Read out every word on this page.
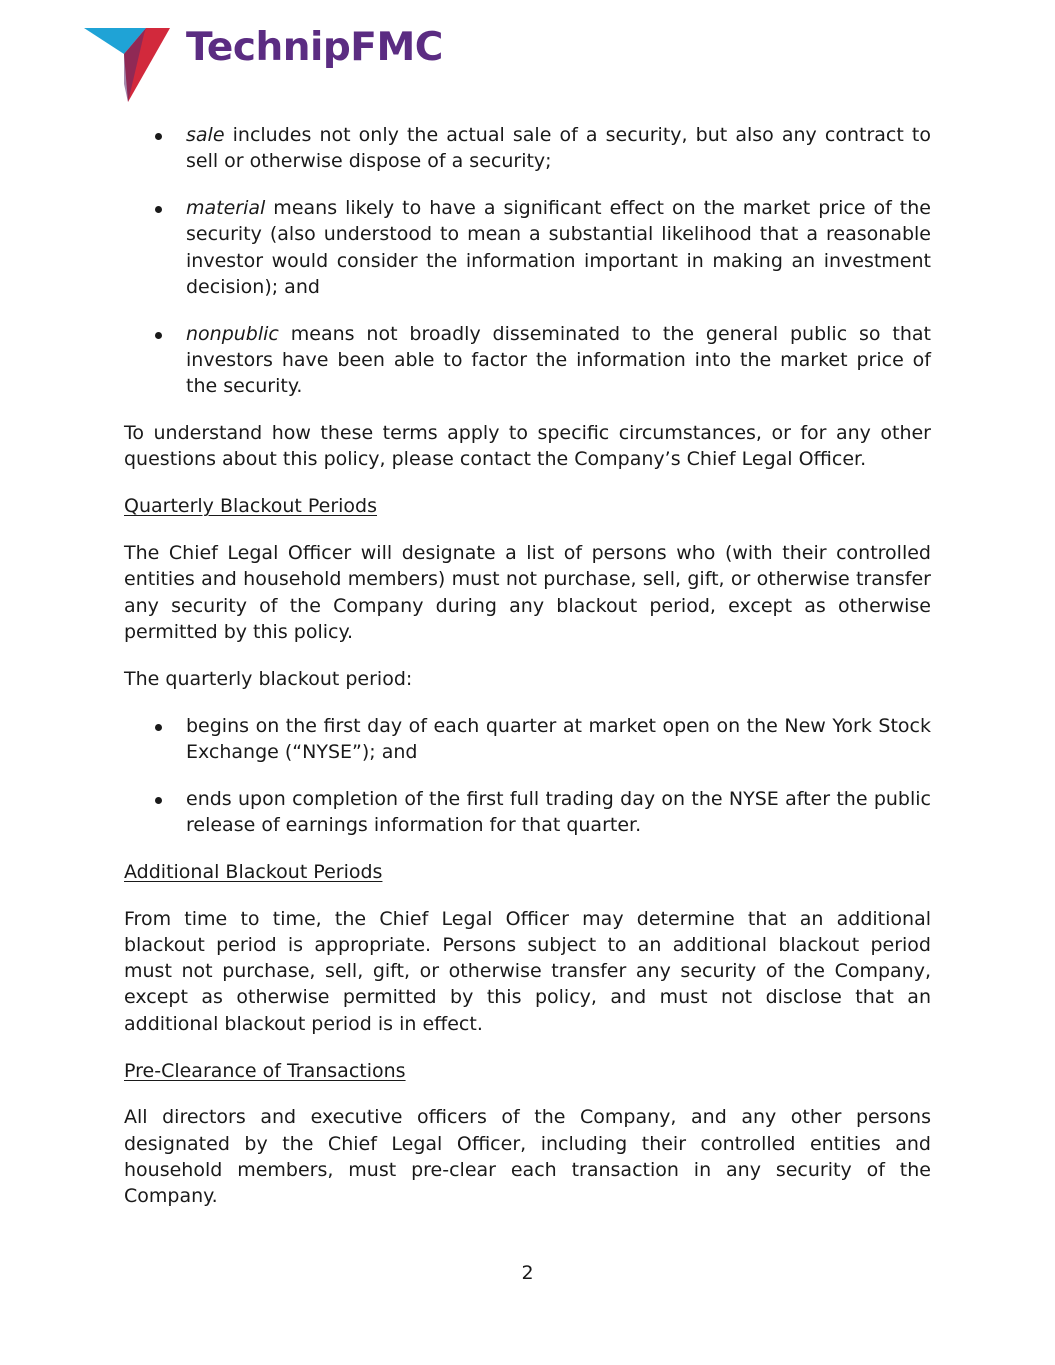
TechnipFMC
sale includes not only the actual sale of a security, but also any contract to sell or otherwise dispose of a security;
material means likely to have a significant effect on the market price of the security (also understood to mean a substantial likelihood that a reasonable investor would consider the information important in making an investment decision); and
nonpublic means not broadly disseminated to the general public so that investors have been able to factor the information into the market price of the security.

To understand how these terms apply to specific circumstances, or for any other questions about this policy, please contact the Company’s Chief Legal Officer.

Quarterly Blackout Periods

The Chief Legal Officer will designate a list of persons who (with their controlled entities and household members) must not purchase, sell, gift, or otherwise transfer any security of the Company during any blackout period, except as otherwise permitted by this policy.

The quarterly blackout period:

begins on the first day of each quarter at market open on the New York Stock Exchange (“NYSE”); and
ends upon completion of the first full trading day on the NYSE after the public release of earnings information for that quarter.

Additional Blackout Periods

From time to time, the Chief Legal Officer may determine that an additional blackout period is appropriate. Persons subject to an additional blackout period must not purchase, sell, gift, or otherwise transfer any security of the Company, except as otherwise permitted by this policy, and must not disclose that an additional blackout period is in effect.

Pre-Clearance of Transactions

All directors and executive officers of the Company, and any other persons designated by the Chief Legal Officer, including their controlled entities and household members, must pre-clear each transaction in any security of the Company.

2
